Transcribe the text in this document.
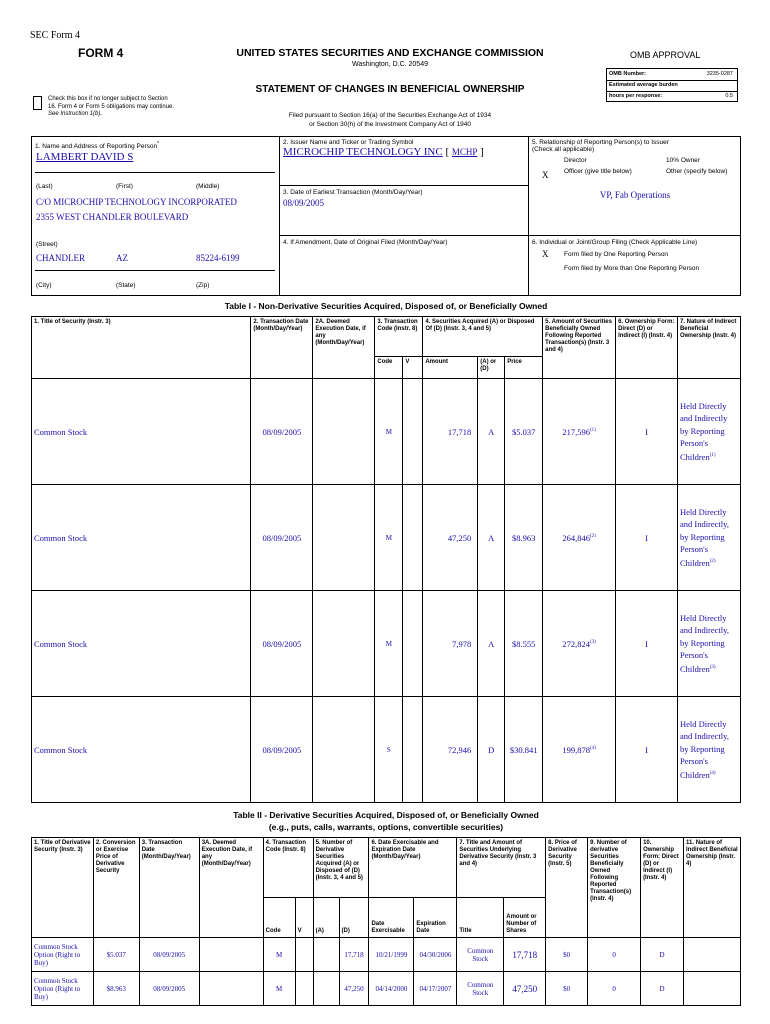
SEC Form 4
FORM 4	UNITED STATES SECURITIES AND EXCHANGE COMMISSION
Washington, D.C. 20549
STATEMENT OF CHANGES IN BENEFICIAL OWNERSHIP
Check this box if no longer subject to Section 16. Form 4 or Form 5 obligations may continue. See Instruction 1(b).	Filed pursuant to Section 16(a) of the Securities Exchange Act of 1934
or Section 30(h) of the Investment Company Act of 1940
OMB APPROVAL
OMB Number:	3235-0287
Estimated average burden
hours per response:	0.5
1. Name and Address of Reporting Person*
LAMBERT DAVID S
(Last)	(First)	(Middle)
C/O MICROCHIP TECHNOLOGY INCORPORATED
2355 WEST CHANDLER BOULEVARD
(Street)
CHANDLER	AZ	85224-6199
(City)	(State)	(Zip)
2. Issuer Name and Ticker or Trading Symbol
MICROCHIP TECHNOLOGY INC [ MCHP ]
3. Date of Earliest Transaction (Month/Day/Year)
08/09/2005
4. If Amendment, Date of Original Filed (Month/Day/Year)
5. Relationship of Reporting Person(s) to Issuer
(Check all applicable)
Director	10% Owner
X Officer (give title below)	Other (specify below)
VP, Fab Operations
6. Individual or Joint/Group Filing (Check Applicable Line)
X Form filed by One Reporting Person
Form filed by More than One Reporting Person
Table I - Non-Derivative Securities Acquired, Disposed of, or Beneficially Owned
1. Title of Security (Instr. 3)	2. Transaction Date (Month/Day/Year)	2A. Deemed Execution Date, if any (Month/Day/Year)	3. Transaction Code (Instr. 8)		4. Securities Acquired (A) or Disposed Of (D) (Instr. 3, 4 and 5)			5. Amount of Securities Beneficially Owned Following Reported Transaction(s) (Instr. 3 and 4)	6. Ownership Form: Direct (D) or Indirect (I) (Instr. 4)	7. Nature of Indirect Beneficial Ownership (Instr. 4)
			Code	V	Amount	(A) or (D)	Price			
Common Stock	08/09/2005		M		17,718	A	$5.037	217,596$^{(1)}$	I	Held Directly and Indirectly by Reporting Person's Children$^{(1)}$
Common Stock	08/09/2005		M		47,250	A	$8.963	264,846$^{(2)}$	I	Held Directly and Indirectly, by Reporting Person's Children$^{(2)}$
Common Stock	08/09/2005		M		7,978	A	$8.555	272,824$^{(3)}$	I	Held Directly and Indirectly, by Reporting Person's Children$^{(3)}$
Common Stock	08/09/2005		S		72,946	D	$30.841	199,878$^{(4)}$	I	Held Directly and Indirectly, by Reporting Person's Children$^{(4)}$
Table II - Derivative Securities Acquired, Disposed of, or Beneficially Owned
(e.g., puts, calls, warrants, options, convertible securities)
1. Title of Derivative Security (Instr. 3)	2. Conversion or Exercise Price of Derivative Security	3. Transaction Date (Month/Day/Year)	3A. Deemed Execution Date, if any (Month/Day/Year)	4. Transaction Code (Instr. 8)		5. Number of Derivative Securities Acquired (A) or Disposed of (D) (Instr. 3, 4 and 5)		6. Date Exercisable and Expiration Date (Month/Day/Year)		7. Title and Amount of Securities Underlying Derivative Security (Instr. 3 and 4)		8. Price of Derivative Security (Instr. 5)	9. Number of derivative Securities Beneficially Owned Following Reported Transaction(s) (Instr. 4)	10. Ownership Form: Direct (D) or Indirect (I) (Instr. 4)	11. Nature of Indirect Beneficial Ownership (Instr. 4)
				Code	V	(A)	(D)	Date Exercisable	Expiration Date	Title	Amount or Number of Shares				
Common Stock Option (Right to Buy)	$5.037	08/09/2005		M			17,718	10/21/1999	04/30/2006	Common Stock	17,718	$0	0	D	
Common Stock Option (Right to Buy)	$8.963	08/09/2005		M			47,250	04/14/2000	04/17/2007	Common Stock	47,250	$0	0	D	
